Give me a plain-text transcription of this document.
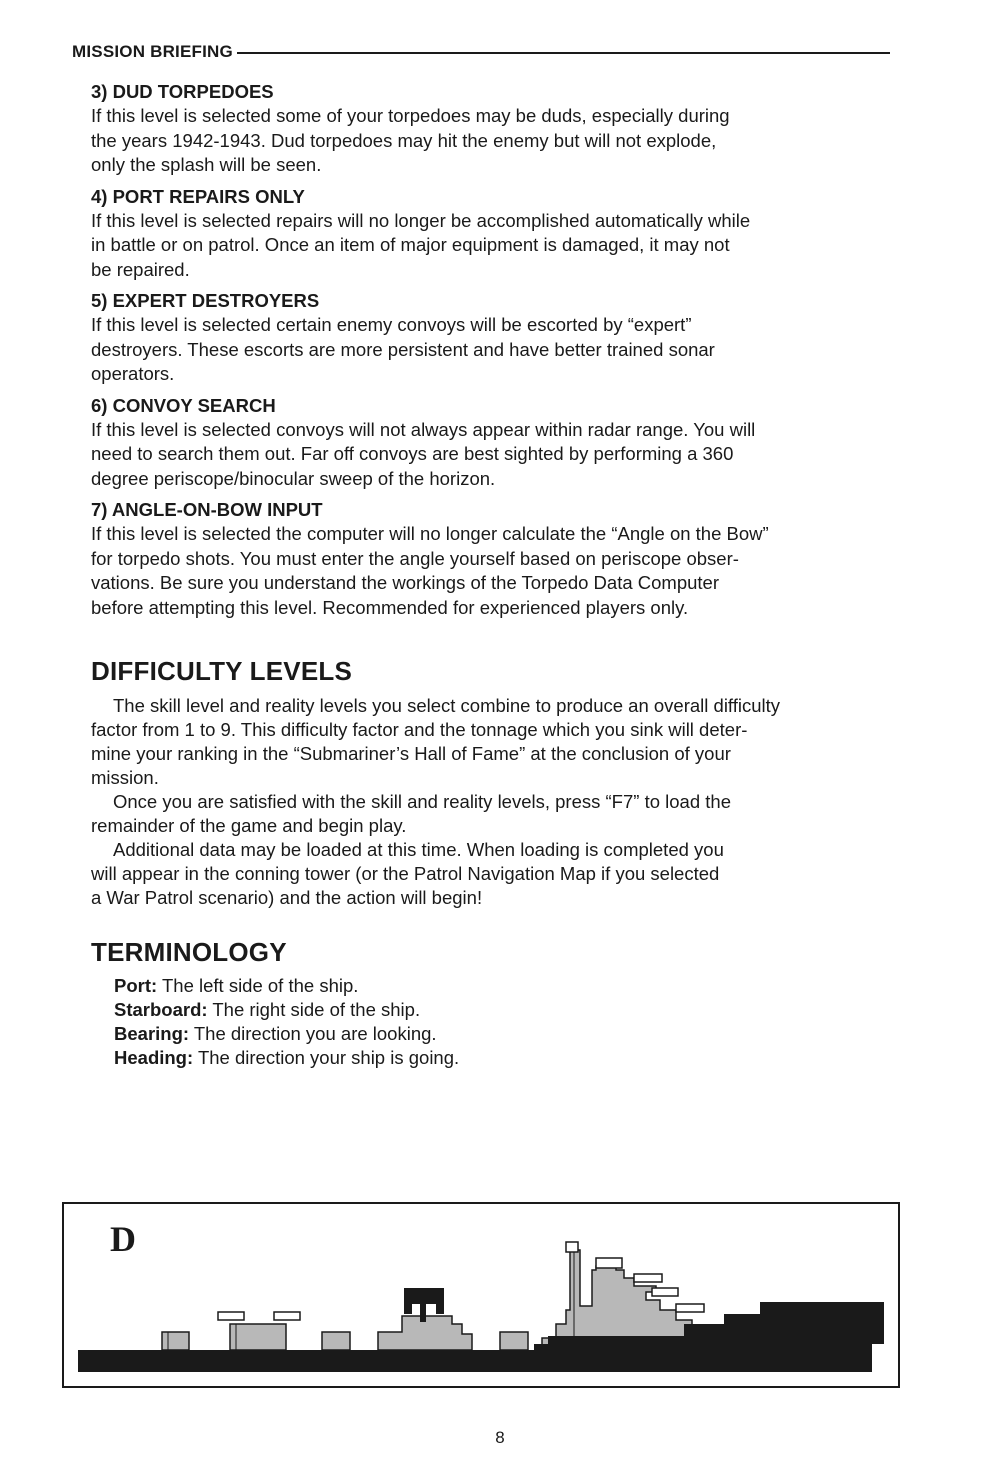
MISSION BRIEFING
3) DUD TORPEDOES

If this level is selected some of your torpedoes may be duds, especially during
the years 1942-1943. Dud torpedoes may hit the enemy but will not explode,
only the splash will be seen.

4) PORT REPAIRS ONLY

If this level is selected repairs will no longer be accomplished automatically while
in battle or on patrol. Once an item of major equipment is damaged, it may not
be repaired.

5) EXPERT DESTROYERS

If this level is selected certain enemy convoys will be escorted by “expert”
destroyers. These escorts are more persistent and have better trained sonar
operators.

6) CONVOY SEARCH

If this level is selected convoys will not always appear within radar range. You will
need to search them out. Far off convoys are best sighted by performing a 360
degree periscope/binocular sweep of the horizon.

7) ANGLE-ON-BOW INPUT

If this level is selected the computer will no longer calculate the “Angle on the Bow”
for torpedo shots. You must enter the angle yourself based on periscope obser-
vations. Be sure you understand the workings of the Torpedo Data Computer
before attempting this level. Recommended for experienced players only.

DIFFICULTY LEVELS

The skill level and reality levels you select combine to produce an overall difficulty
factor from 1 to 9. This difficulty factor and the tonnage which you sink will deter-
mine your ranking in the “Submariner’s Hall of Fame” at the conclusion of your
mission.

Once you are satisfied with the skill and reality levels, press “F7” to load the
remainder of the game and begin play.

Additional data may be loaded at this time. When loading is completed you
will appear in the conning tower (or the Patrol Navigation Map if you selected
a War Patrol scenario) and the action will begin!

TERMINOLOGY
Port: The left side of the ship.
Starboard: The right side of the ship.
Bearing: The direction you are looking.
Heading: The direction your ship is going.
D
8
